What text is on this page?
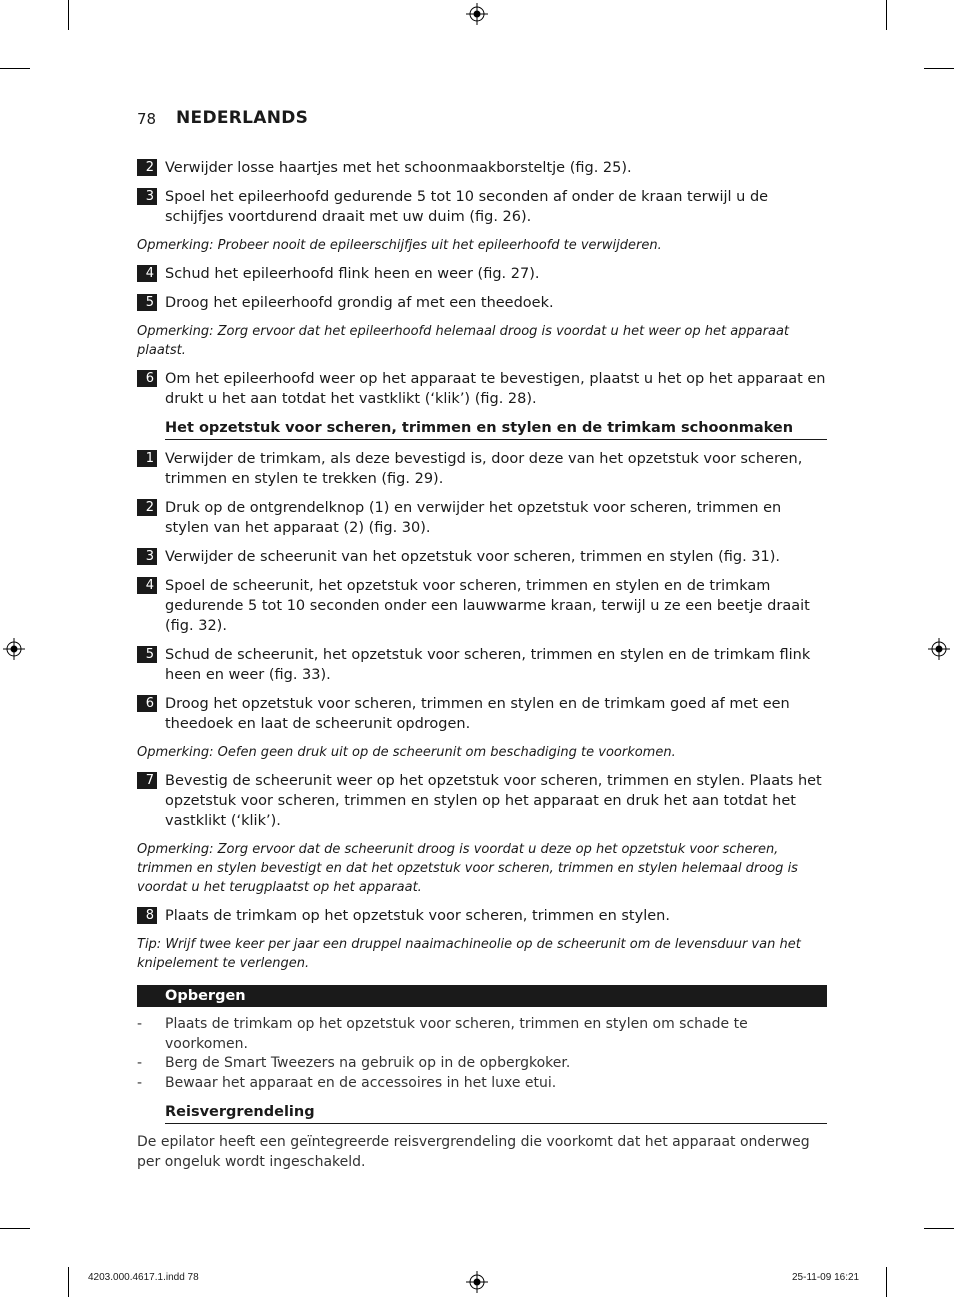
78 NEDERLANDS
2 Verwijder losse haartjes met het schoonmaakborsteltje (fig. 25).
3 Spoel het epileerhoofd gedurende 5 tot 10 seconden af onder de kraan terwijl u de schijfjes voortdurend draait met uw duim (fig. 26).
Opmerking: Probeer nooit de epileerschijfjes uit het epileerhoofd te verwijderen.
4 Schud het epileerhoofd flink heen en weer (fig. 27).
5 Droog het epileerhoofd grondig af met een theedoek.
Opmerking: Zorg ervoor dat het epileerhoofd helemaal droog is voordat u het weer op het apparaat plaatst.
6 Om het epileerhoofd weer op het apparaat te bevestigen, plaatst u het op het apparaat en drukt u het aan totdat het vastklikt (‘klik’) (fig. 28).
Het opzetstuk voor scheren, trimmen en stylen en de trimkam schoonmaken
1 Verwijder de trimkam, als deze bevestigd is, door deze van het opzetstuk voor scheren, trimmen en stylen te trekken (fig. 29).
2 Druk op de ontgrendelknop (1) en verwijder het opzetstuk voor scheren, trimmen en stylen van het apparaat (2) (fig. 30).
3 Verwijder de scheerunit van het opzetstuk voor scheren, trimmen en stylen (fig. 31).
4 Spoel de scheerunit, het opzetstuk voor scheren, trimmen en stylen en de trimkam gedurende 5 tot 10 seconden onder een lauwwarme kraan, terwijl u ze een beetje draait (fig. 32).
5 Schud de scheerunit, het opzetstuk voor scheren, trimmen en stylen en de trimkam flink heen en weer (fig. 33).
6 Droog het opzetstuk voor scheren, trimmen en stylen en de trimkam goed af met een theedoek en laat de scheerunit opdrogen.
Opmerking: Oefen geen druk uit op de scheerunit om beschadiging te voorkomen.
7 Bevestig de scheerunit weer op het opzetstuk voor scheren, trimmen en stylen. Plaats het opzetstuk voor scheren, trimmen en stylen op het apparaat en druk het aan totdat het vastklikt (‘klik’).
Opmerking: Zorg ervoor dat de scheerunit droog is voordat u deze op het opzetstuk voor scheren, trimmen en stylen bevestigt en dat het opzetstuk voor scheren, trimmen en stylen helemaal droog is voordat u het terugplaatst op het apparaat.
8 Plaats de trimkam op het opzetstuk voor scheren, trimmen en stylen.
Tip: Wrijf twee keer per jaar een druppel naaimachineolie op de scheerunit om de levensduur van het knipelement te verlengen.
Opbergen
-	Plaats de trimkam op het opzetstuk voor scheren, trimmen en stylen om schade te voorkomen.
-	Berg de Smart Tweezers na gebruik op in de opbergkoker.
-	Bewaar het apparaat en de accessoires in het luxe etui.
Reisvergrendeling
De epilator heeft een geïntegreerde reisvergrendeling die voorkomt dat het apparaat onderweg per ongeluk wordt ingeschakeld.
4203.000.4617.1.indd 78	25-11-09 16:21
